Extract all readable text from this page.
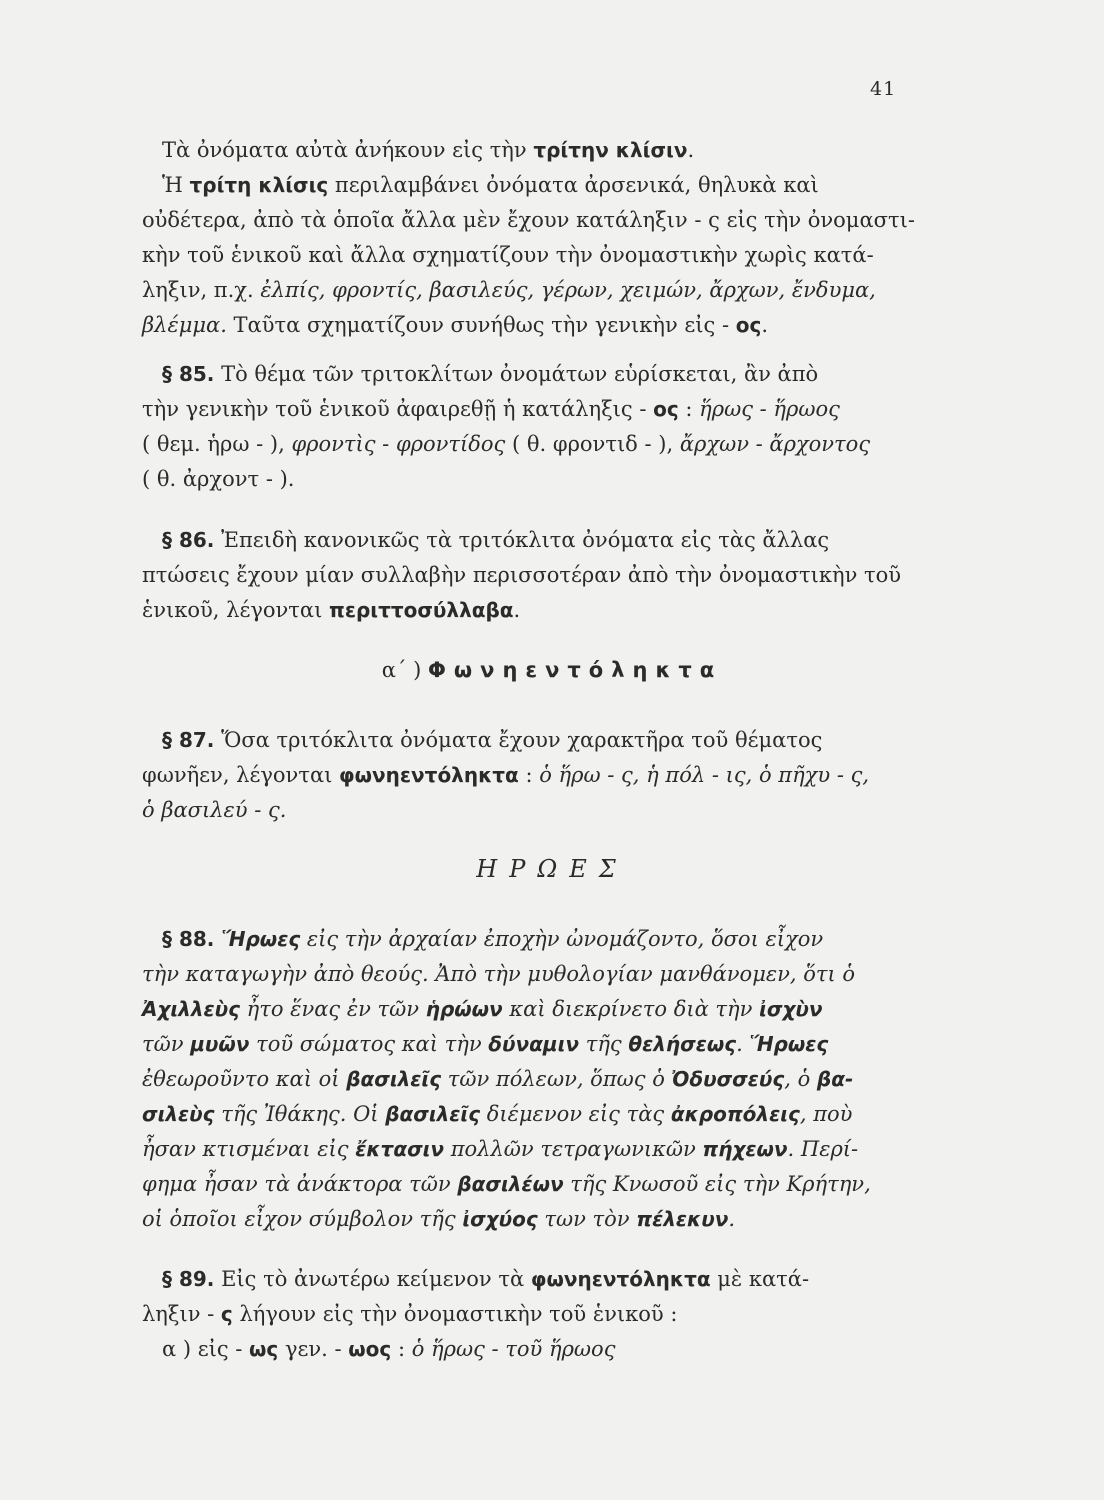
41
Τὰ ὀνόματα αὐτὰ ἀνήκουν εἰς τὴν τρίτην κλίσιν.
Ἡ τρίτη κλίσις περιλαμβάνει ὀνόματα ἀρσενικά, θηλυκὰ καὶ
οὐδέτερα, ἀπὸ τὰ ὁποῖα ἄλλα μὲν ἔχουν κατάληξιν - ς εἰς τὴν ὀνομαστι-
κὴν τοῦ ἑνικοῦ καὶ ἄλλα σχηματίζουν τὴν ὀνομαστικὴν χωρὶς κατά-
ληξιν, π.χ. ἐλπίς, φροντίς, βασιλεύς, γέρων, χειμών, ἄρχων, ἔνδυμα,
βλέμμα. Ταῦτα σχηματίζουν συνήθως τὴν γενικὴν εἰς - ος.
§ 85. Τὸ θέμα τῶν τριτοκλίτων ὀνομάτων εὑρίσκεται, ἂν ἀπὸ
τὴν γενικὴν τοῦ ἑνικοῦ ἀφαιρεθῇ ἡ κατάληξις - ος : ἥρως - ἥρωος
( θεμ. ἡρω - ), φροντὶς - φροντίδος ( θ. φροντιδ - ), ἄρχων - ἄρχοντος
( θ. ἀρχοντ - ).
§ 86. Ἐπειδὴ κανονικῶς τὰ τριτόκλιτα ὀνόματα εἰς τὰς ἄλλας
πτώσεις ἔχουν μίαν συλλαβὴν περισσοτέραν ἀπὸ τὴν ὀνομαστικὴν τοῦ
ἑνικοῦ, λέγονται περιττοσύλλαβα.
α΄ ) Φωνηεντόληκτα
§ 87. Ὅσα τριτόκλιτα ὀνόματα ἔχουν χαρακτῆρα τοῦ θέματος
φωνῆεν, λέγονται φωνηεντόληκτα : ὁ ἥρω - ς, ἡ πόλ - ις, ὁ πῆχυ - ς,
ὁ βασιλεύ - ς.
ΗΡΩΕΣ
§ 88. Ἥρωες εἰς τὴν ἀρχαίαν ἐποχὴν ὠνομάζοντο, ὅσοι εἶχον
τὴν καταγωγὴν ἀπὸ θεούς. Ἀπὸ τὴν μυθολογίαν μανθάνομεν, ὅτι ὁ
Ἀχιλλεὺς ἦτο ἕνας ἐν τῶν ἡρώων καὶ διεκρίνετο διὰ τὴν ἰσχὺν
τῶν μυῶν τοῦ σώματος καὶ τὴν δύναμιν τῆς θελήσεως. Ἥρωες
ἐθεωροῦντο καὶ οἱ βασιλεῖς τῶν πόλεων, ὅπως ὁ Ὀδυσσεύς, ὁ βα-
σιλεὺς τῆς Ἰθάκης. Οἱ βασιλεῖς διέμενον εἰς τὰς ἀκροπόλεις, ποὺ
ἦσαν κτισμέναι εἰς ἔκτασιν πολλῶν τετραγωνικῶν πήχεων. Περί-
φημα ἦσαν τὰ ἀνάκτορα τῶν βασιλέων τῆς Κνωσοῦ εἰς τὴν Κρήτην,
οἱ ὁποῖοι εἶχον σύμβολον τῆς ἰσχύος των τὸν πέλεκυν.
§ 89. Εἰς τὸ ἀνωτέρω κείμενον τὰ φωνηεντόληκτα μὲ κατά-
ληξιν - ς λήγουν εἰς τὴν ὀνομαστικὴν τοῦ ἑνικοῦ :
α ) εἰς - ως γεν. - ωος : ὁ ἥρως - τοῦ ἥρωος
